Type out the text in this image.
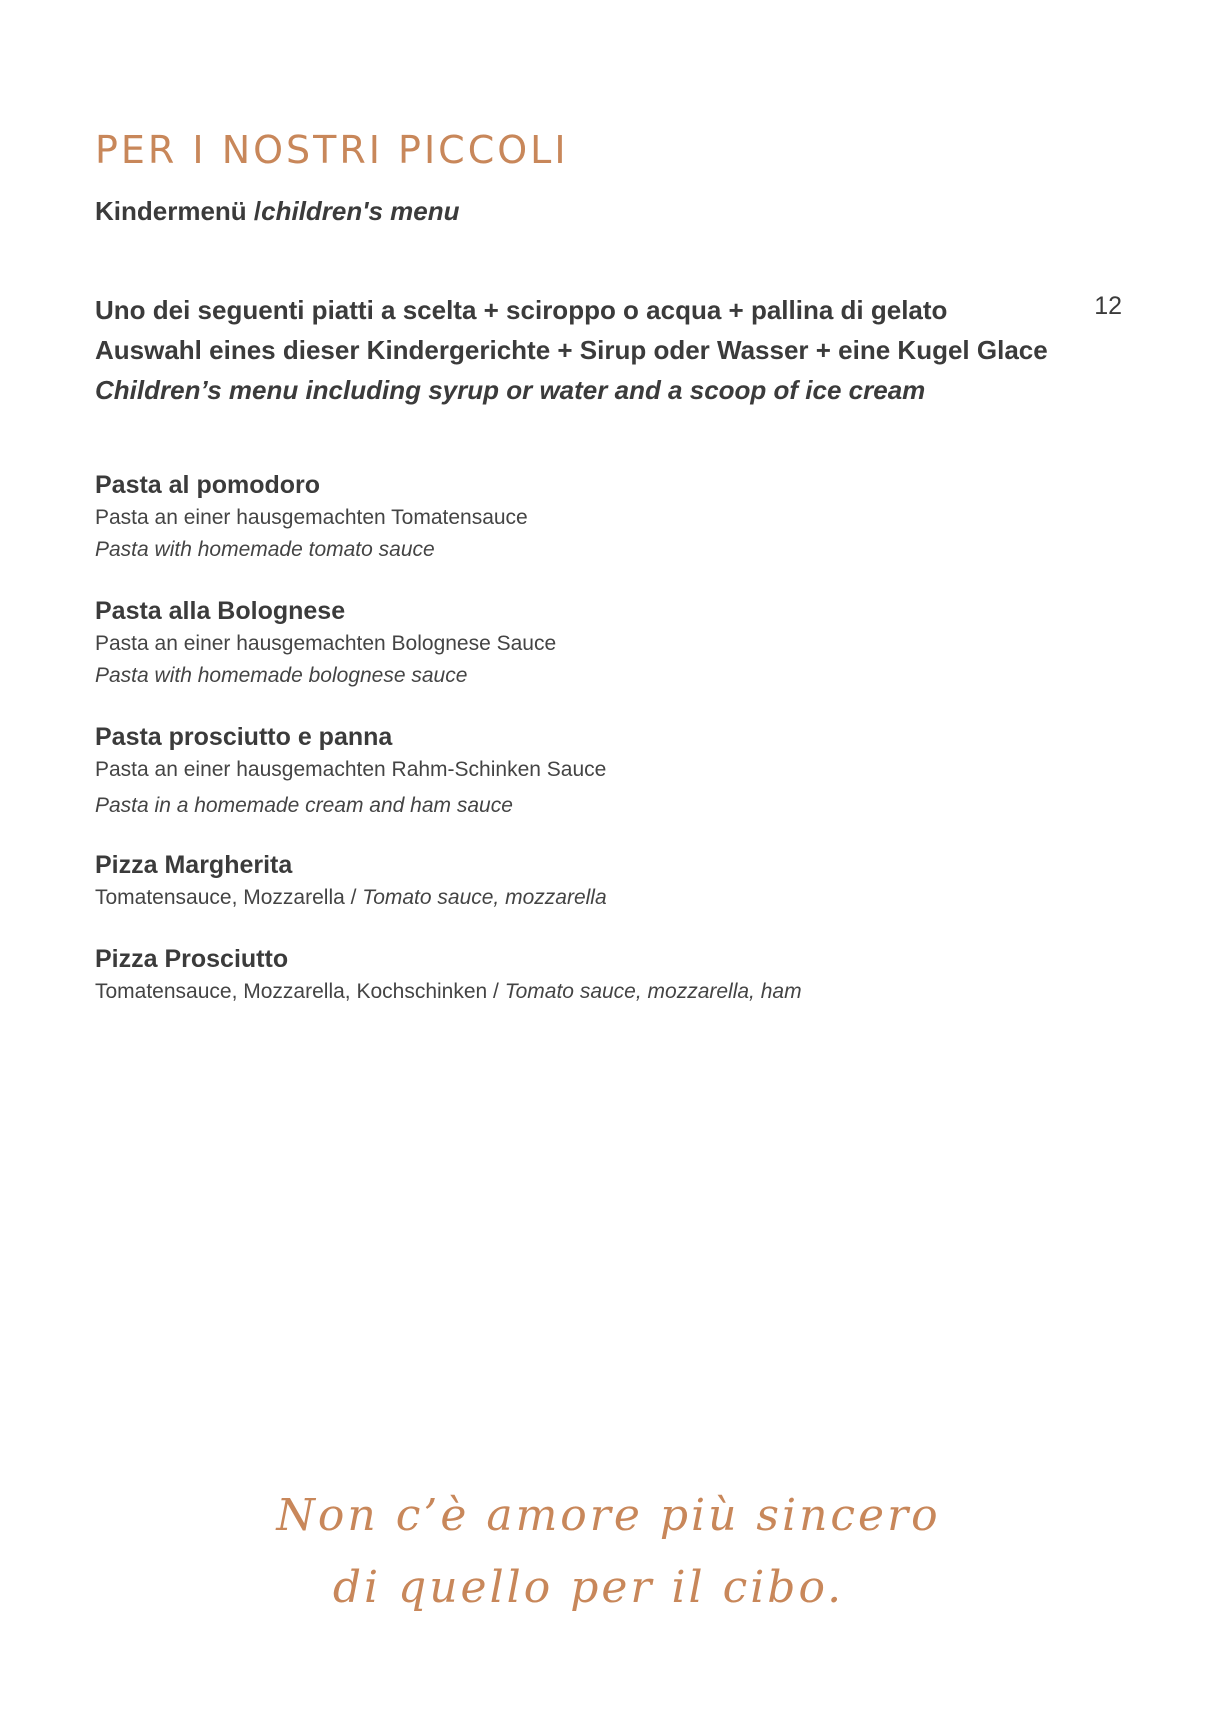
PER I NOSTRI PICCOLI
Kindermenü /children's menu
Uno dei seguenti piatti a scelta + sciroppo o acqua + pallina di gelato
Auswahl eines dieser Kindergerichte + Sirup oder Wasser + eine Kugel Glace
Children’s menu including syrup or water and a scoop of ice cream
12
Pasta al pomodoro
Pasta an einer hausgemachten Tomatensauce
Pasta with homemade tomato sauce
Pasta alla Bolognese
Pasta an einer hausgemachten Bolognese Sauce
Pasta with homemade bolognese sauce
Pasta prosciutto e panna
Pasta an einer hausgemachten Rahm-Schinken Sauce
Pasta in a homemade cream and ham sauce
Pizza Margherita
Tomatensauce, Mozzarella / Tomato sauce, mozzarella
Pizza Prosciutto
Tomatensauce, Mozzarella, Kochschinken / Tomato sauce, mozzarella, ham
Non c’è amore più sincero
di quello per il cibo.
